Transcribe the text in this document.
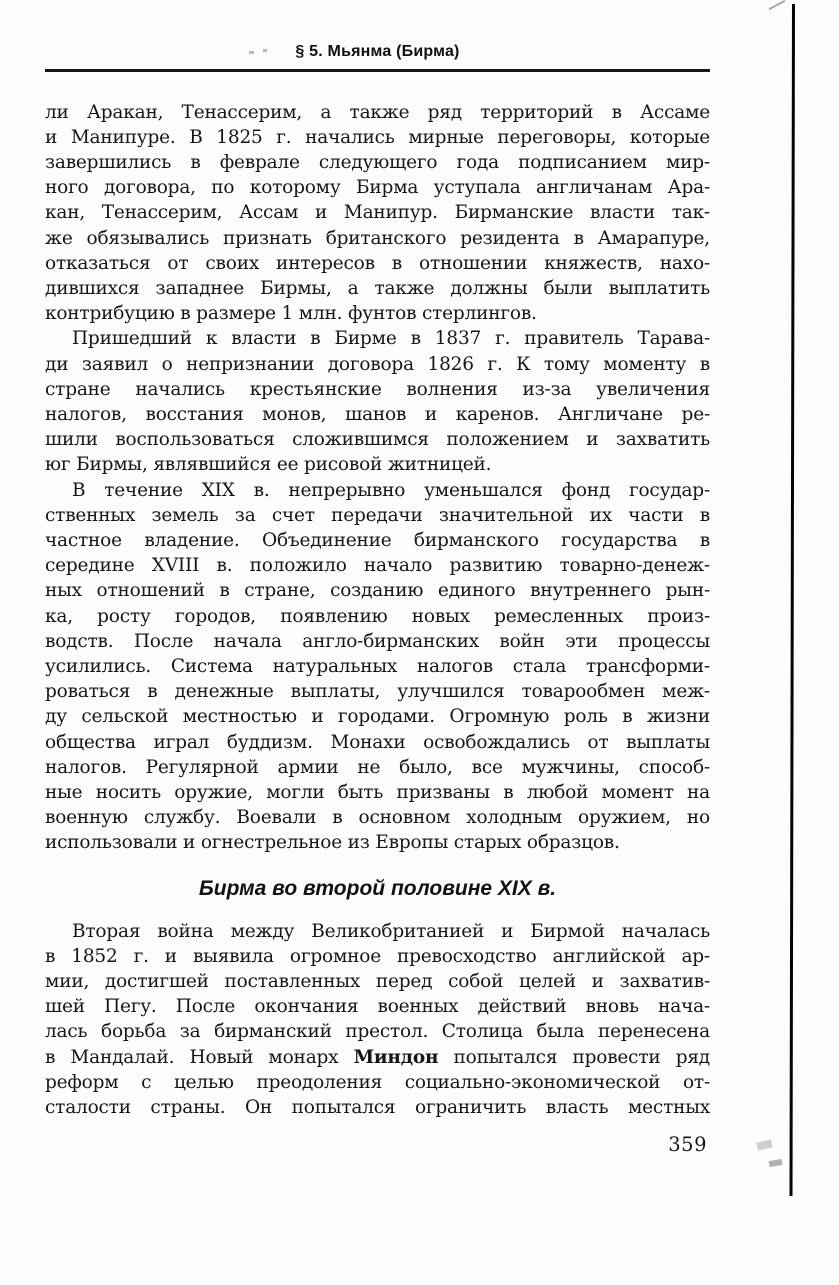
§ 5. Мьянма (Бирма)
ли Аракан, Тенассерим, а также ряд территорий в Ассаме
и Манипуре. В 1825 г. начались мирные переговоры, которые
завершились в феврале следующего года подписанием мир-
ного договора, по которому Бирма уступала англичанам Ара-
кан, Тенассерим, Ассам и Манипур. Бирманские власти так-
же обязывались признать британского резидента в Амарапуре,
отказаться от своих интересов в отношении княжеств, нахо-
дившихся западнее Бирмы, а также должны были выплатить
контрибуцию в размере 1 млн. фунтов стерлингов.
Пришедший к власти в Бирме в 1837 г. правитель Тарава-
ди заявил о непризнании договора 1826 г. К тому моменту в
стране начались крестьянские волнения из-за увеличения
налогов, восстания монов, шанов и каренов. Англичане ре-
шили воспользоваться сложившимся положением и захватить
юг Бирмы, являвшийся ее рисовой житницей.
В течение XIX в. непрерывно уменьшался фонд государ-
ственных земель за счет передачи значительной их части в
частное владение. Объединение бирманского государства в
середине XVIII в. положило начало развитию товарно-денеж-
ных отношений в стране, созданию единого внутреннего рын-
ка, росту городов, появлению новых ремесленных произ-
водств. После начала англо-бирманских войн эти процессы
усилились. Система натуральных налогов стала трансформи-
роваться в денежные выплаты, улучшился товарообмен меж-
ду сельской местностью и городами. Огромную роль в жизни
общества играл буддизм. Монахи освобождались от выплаты
налогов. Регулярной армии не было, все мужчины, способ-
ные носить оружие, могли быть призваны в любой момент на
военную службу. Воевали в основном холодным оружием, но
использовали и огнестрельное из Европы старых образцов.
Бирма во второй половине XIX в.
Вторая война между Великобританией и Бирмой началась
в 1852 г. и выявила огромное превосходство английской ар-
мии, достигшей поставленных перед собой целей и захватив-
шей Пегу. После окончания военных действий вновь нача-
лась борьба за бирманский престол. Столица была перенесена
в Мандалай. Новый монарх Миндон попытался провести ряд
реформ с целью преодоления социально-экономической от-
сталости страны. Он попытался ограничить власть местных
359
